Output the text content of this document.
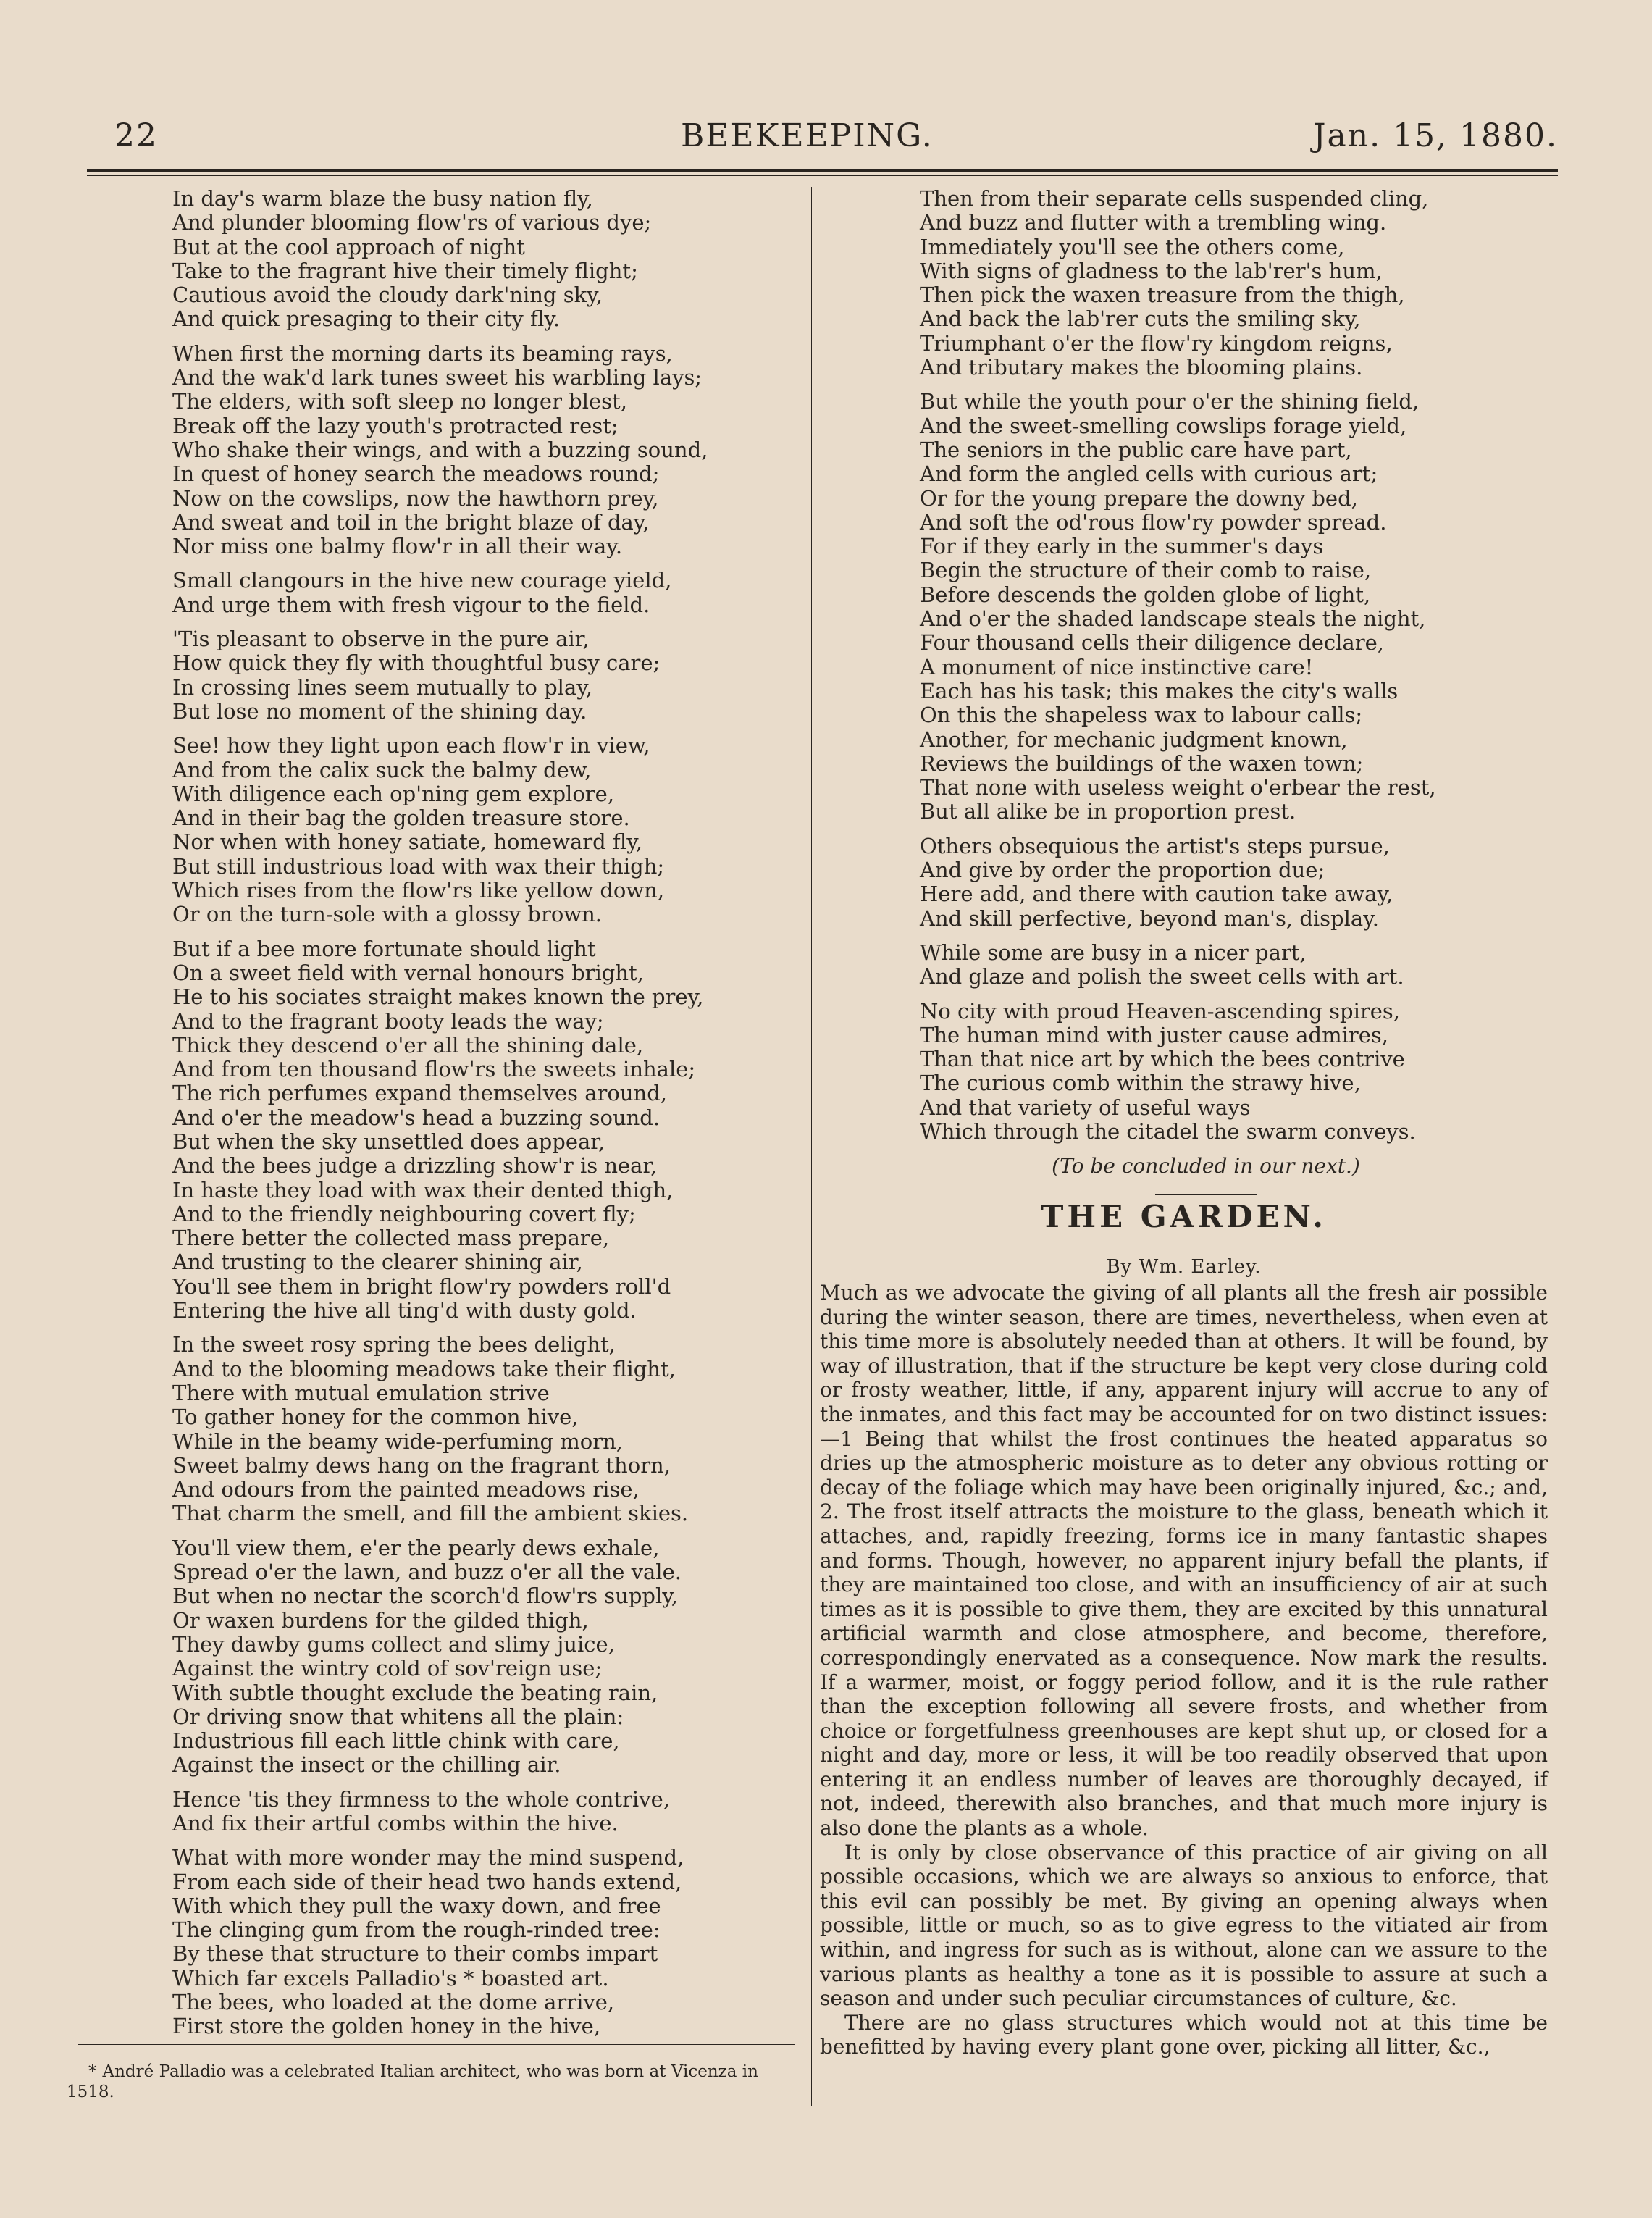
22	BEEKEEPING.	Jan. 15, 1880.
In day's warm blaze the busy nation fly,
And plunder blooming flow'rs of various dye;
But at the cool approach of night
Take to the fragrant hive their timely flight;
Cautious avoid the cloudy dark'ning sky,
And quick presaging to their city fly.
When first the morning darts its beaming rays,
And the wak'd lark tunes sweet his warbling lays;
The elders, with soft sleep no longer blest,
Break off the lazy youth's protracted rest;
Who shake their wings, and with a buzzing sound,
In quest of honey search the meadows round;
Now on the cowslips, now the hawthorn prey,
And sweat and toil in the bright blaze of day,
Nor miss one balmy flow'r in all their way.
Small clangours in the hive new courage yield,
And urge them with fresh vigour to the field.
'Tis pleasant to observe in the pure air,
How quick they fly with thoughtful busy care;
In crossing lines seem mutually to play,
But lose no moment of the shining day.
See! how they light upon each flow'r in view,
And from the calix suck the balmy dew,
With diligence each op'ning gem explore,
And in their bag the golden treasure store.
Nor when with honey satiate, homeward fly,
But still industrious load with wax their thigh;
Which rises from the flow'rs like yellow down,
Or on the turn-sole with a glossy brown.
But if a bee more fortunate should light
On a sweet field with vernal honours bright,
He to his sociates straight makes known the prey,
And to the fragrant booty leads the way;
Thick they descend o'er all the shining dale,
And from ten thousand flow'rs the sweets inhale;
The rich perfumes expand themselves around,
And o'er the meadow's head a buzzing sound.
But when the sky unsettled does appear,
And the bees judge a drizzling show'r is near,
In haste they load with wax their dented thigh,
And to the friendly neighbouring covert fly;
There better the collected mass prepare,
And trusting to the clearer shining air,
You'll see them in bright flow'ry powders roll'd
Entering the hive all ting'd with dusty gold.
In the sweet rosy spring the bees delight,
And to the blooming meadows take their flight,
There with mutual emulation strive
To gather honey for the common hive,
While in the beamy wide-perfuming morn,
Sweet balmy dews hang on the fragrant thorn,
And odours from the painted meadows rise,
That charm the smell, and fill the ambient skies.
You'll view them, e'er the pearly dews exhale,
Spread o'er the lawn, and buzz o'er all the vale.
But when no nectar the scorch'd flow'rs supply,
Or waxen burdens for the gilded thigh,
They dawby gums collect and slimy juice,
Against the wintry cold of sov'reign use;
With subtle thought exclude the beating rain,
Or driving snow that whitens all the plain:
Industrious fill each little chink with care,
Against the insect or the chilling air.
Hence 'tis they firmness to the whole contrive,
And fix their artful combs within the hive.
What with more wonder may the mind suspend,
From each side of their head two hands extend,
With which they pull the waxy down, and free
The clinging gum from the rough-rinded tree:
By these that structure to their combs impart
Which far excels Palladio's * boasted art.
The bees, who loaded at the dome arrive,
First store the golden honey in the hive,
Then from their separate cells suspended cling,
And buzz and flutter with a trembling wing.
Immediately you'll see the others come,
With signs of gladness to the lab'rer's hum,
Then pick the waxen treasure from the thigh,
And back the lab'rer cuts the smiling sky,
Triumphant o'er the flow'ry kingdom reigns,
And tributary makes the blooming plains.
But while the youth pour o'er the shining field,
And the sweet-smelling cowslips forage yield,
The seniors in the public care have part,
And form the angled cells with curious art;
Or for the young prepare the downy bed,
And soft the od'rous flow'ry powder spread.
For if they early in the summer's days
Begin the structure of their comb to raise,
Before descends the golden globe of light,
And o'er the shaded landscape steals the night,
Four thousand cells their diligence declare,
A monument of nice instinctive care!
Each has his task; this makes the city's walls
On this the shapeless wax to labour calls;
Another, for mechanic judgment known,
Reviews the buildings of the waxen town;
That none with useless weight o'erbear the rest,
But all alike be in proportion prest.
Others obsequious the artist's steps pursue,
And give by order the proportion due;
Here add, and there with caution take away,
And skill perfective, beyond man's, display.
While some are busy in a nicer part,
And glaze and polish the sweet cells with art.
No city with proud Heaven-ascending spires,
The human mind with juster cause admires,
Than that nice art by which the bees contrive
The curious comb within the strawy hive,
And that variety of useful ways
Which through the citadel the swarm conveys.
(To be concluded in our next.)
THE GARDEN.
By Wm. Earley.

Much as we advocate the giving of all plants all the fresh air possible during the winter season, there are times, nevertheless, when even at this time more is absolutely needed than at others. It will be found, by way of illustration, that if the structure be kept very close during cold or frosty weather, little, if any, apparent injury will accrue to any of the inmates, and this fact may be accounted for on two distinct issues:—1 Being that whilst the frost continues the heated apparatus so dries up the atmospheric moisture as to deter any obvious rotting or decay of the foliage which may have been originally injured, &c.; and, 2. The frost itself attracts the moisture to the glass, beneath which it attaches, and, rapidly freezing, forms ice in many fantastic shapes and forms. Though, however, no apparent injury befall the plants, if they are maintained too close, and with an insufficiency of air at such times as it is possible to give them, they are excited by this unnatural artificial warmth and close atmosphere, and become, therefore, correspondingly enervated as a consequence. Now mark the results. If a warmer, moist, or foggy period follow, and it is the rule rather than the exception following all severe frosts, and whether from choice or forgetfulness greenhouses are kept shut up, or closed for a night and day, more or less, it will be too readily observed that upon entering it an endless number of leaves are thoroughly decayed, if not, indeed, therewith also branches, and that much more injury is also done the plants as a whole.

It is only by close observance of this practice of air giving on all possible occasions, which we are always so anxious to enforce, that this evil can possibly be met. By giving an opening always when possible, little or much, so as to give egress to the vitiated air from within, and ingress for such as is without, alone can we assure to the various plants as healthy a tone as it is possible to assure at such a season and under such peculiar circumstances of culture, &c.

There are no glass structures which would not at this time be benefitted by having every plant gone over, picking all litter, &c.,

* André Palladio was a celebrated Italian architect, who was born at Vicenza in 1518.
